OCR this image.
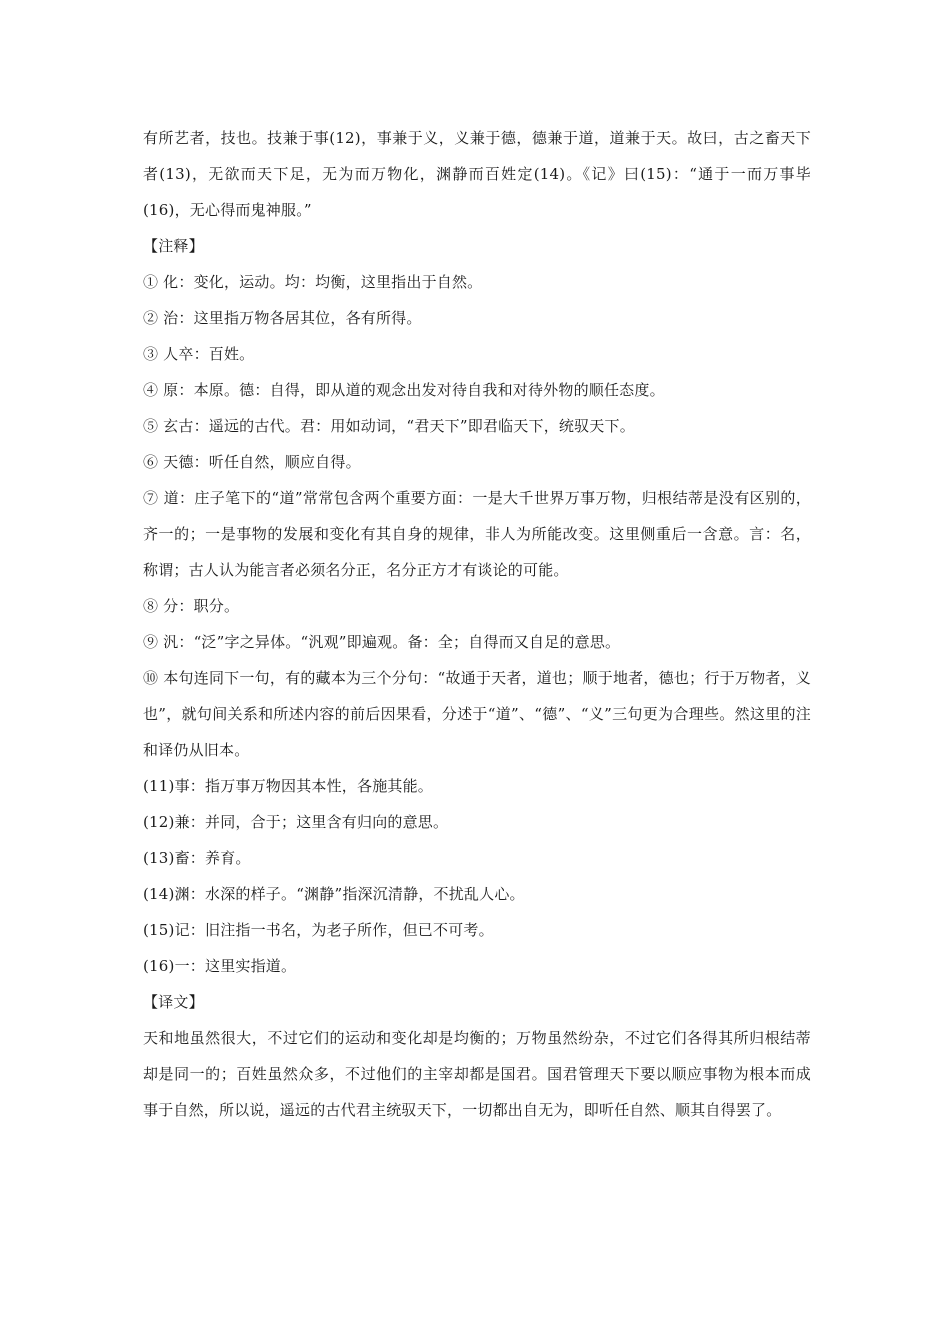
有所艺者，技也。技兼于事(12)，事兼于义，义兼于德，德兼于道，道兼于天。故曰，古之畜天下者(13)，无欲而天下足，无为而万物化，渊静而百姓定(14)。《记》曰(15)：“通于一而万事毕(16)，无心得而鬼神服。”

【注释】

① 化：变化，运动。均：均衡，这里指出于自然。

② 治：这里指万物各居其位，各有所得。

③ 人卒：百姓。

④ 原：本原。德：自得，即从道的观念出发对待自我和对待外物的顺任态度。

⑤ 玄古：遥远的古代。君：用如动词，“君天下”即君临天下，统驭天下。

⑥ 天德：听任自然，顺应自得。

⑦ 道：庄子笔下的“道”常常包含两个重要方面：一是大千世界万事万物，归根结蒂是没有区别的，齐一的；一是事物的发展和变化有其自身的规律，非人为所能改变。这里侧重后一含意。言：名，称谓；古人认为能言者必须名分正，名分正方才有谈论的可能。

⑧ 分：职分。

⑨ 汎：“泛”字之异体。“汎观”即遍观。备：全；自得而又自足的意思。

⑩ 本句连同下一句，有的藏本为三个分句：“故通于天者，道也；顺于地者，德也；行于万物者，义也”，就句间关系和所述内容的前后因果看，分述于“道”、“德”、“义”三句更为合理些。然这里的注和译仍从旧本。

(11)事：指万事万物因其本性，各施其能。

(12)兼：并同，合于；这里含有归向的意思。

(13)畜：养育。

(14)渊：水深的样子。“渊静”指深沉清静，不扰乱人心。

(15)记：旧注指一书名，为老子所作，但已不可考。

(16)一：这里实指道。

【译文】

天和地虽然很大，不过它们的运动和变化却是均衡的；万物虽然纷杂，不过它们各得其所归根结蒂却是同一的；百姓虽然众多，不过他们的主宰却都是国君。国君管理天下要以顺应事物为根本而成事于自然，所以说，遥远的古代君主统驭天下，一切都出自无为，即听任自然、顺其自得罢了。
